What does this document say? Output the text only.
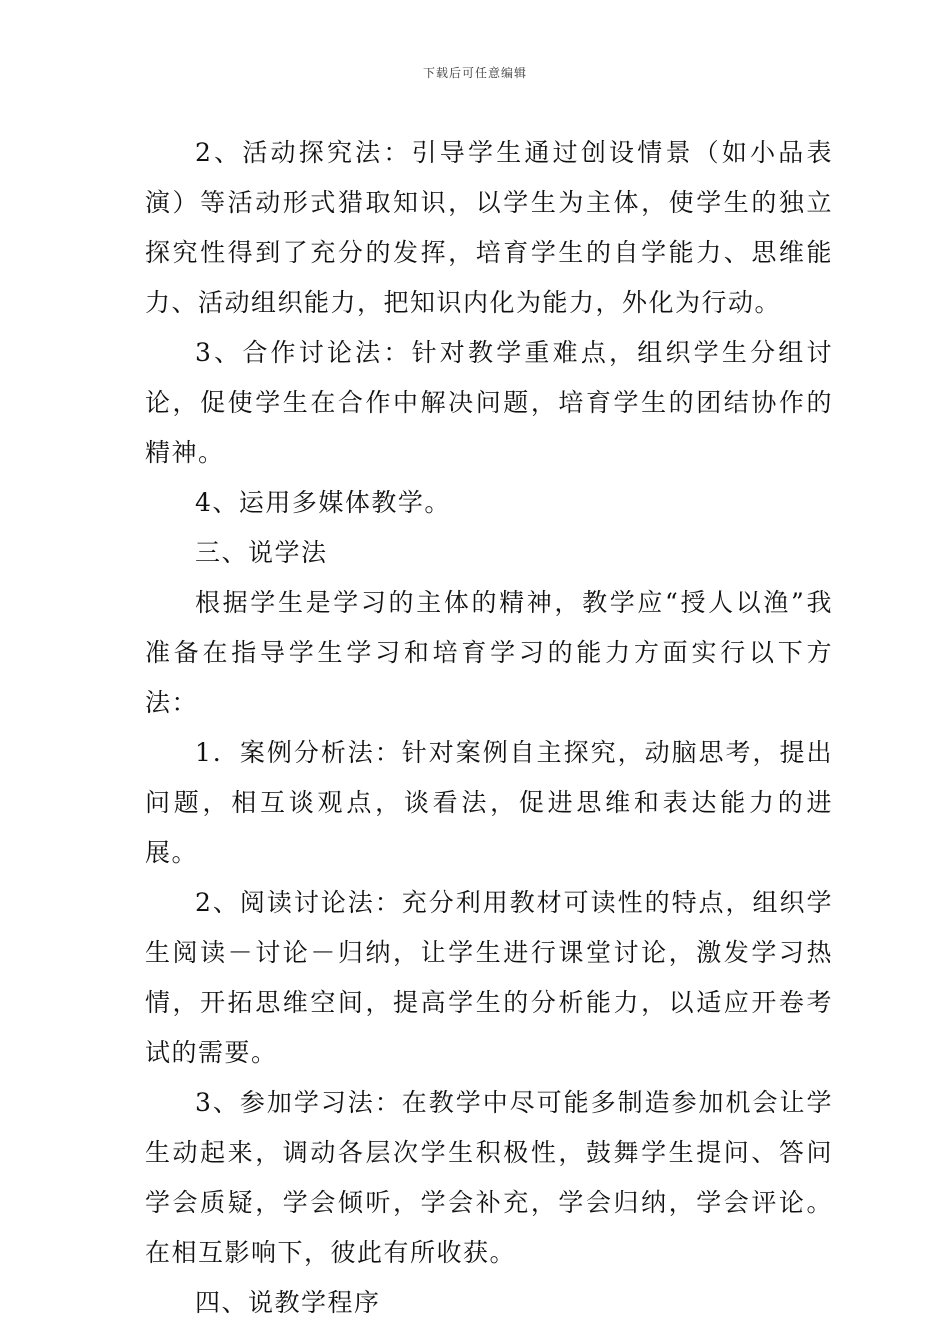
下载后可任意编辑

2、活动探究法：引导学生通过创设情景（如小品表演）等活动形式猎取知识，以学生为主体，使学生的独立探究性得到了充分的发挥，培育学生的自学能力、思维能力、活动组织能力，把知识内化为能力，外化为行动。

3、合作讨论法：针对教学重难点，组织学生分组讨论，促使学生在合作中解决问题，培育学生的团结协作的精神。

4、运用多媒体教学。

三、说学法

根据学生是学习的主体的精神，教学应“授人以渔”我准备在指导学生学习和培育学习的能力方面实行以下方法：

1．案例分析法：针对案例自主探究，动脑思考，提出问题，相互谈观点，谈看法，促进思维和表达能力的进展。

2、阅读讨论法：充分利用教材可读性的特点，组织学生阅读－讨论－归纳，让学生进行课堂讨论，激发学习热情，开拓思维空间，提高学生的分析能力，以适应开卷考试的需要。

3、参加学习法：在教学中尽可能多制造参加机会让学生动起来，调动各层次学生积极性，鼓舞学生提问、答问学会质疑，学会倾听，学会补充，学会归纳，学会评论。在相互影响下，彼此有所收获。

四、说教学程序
